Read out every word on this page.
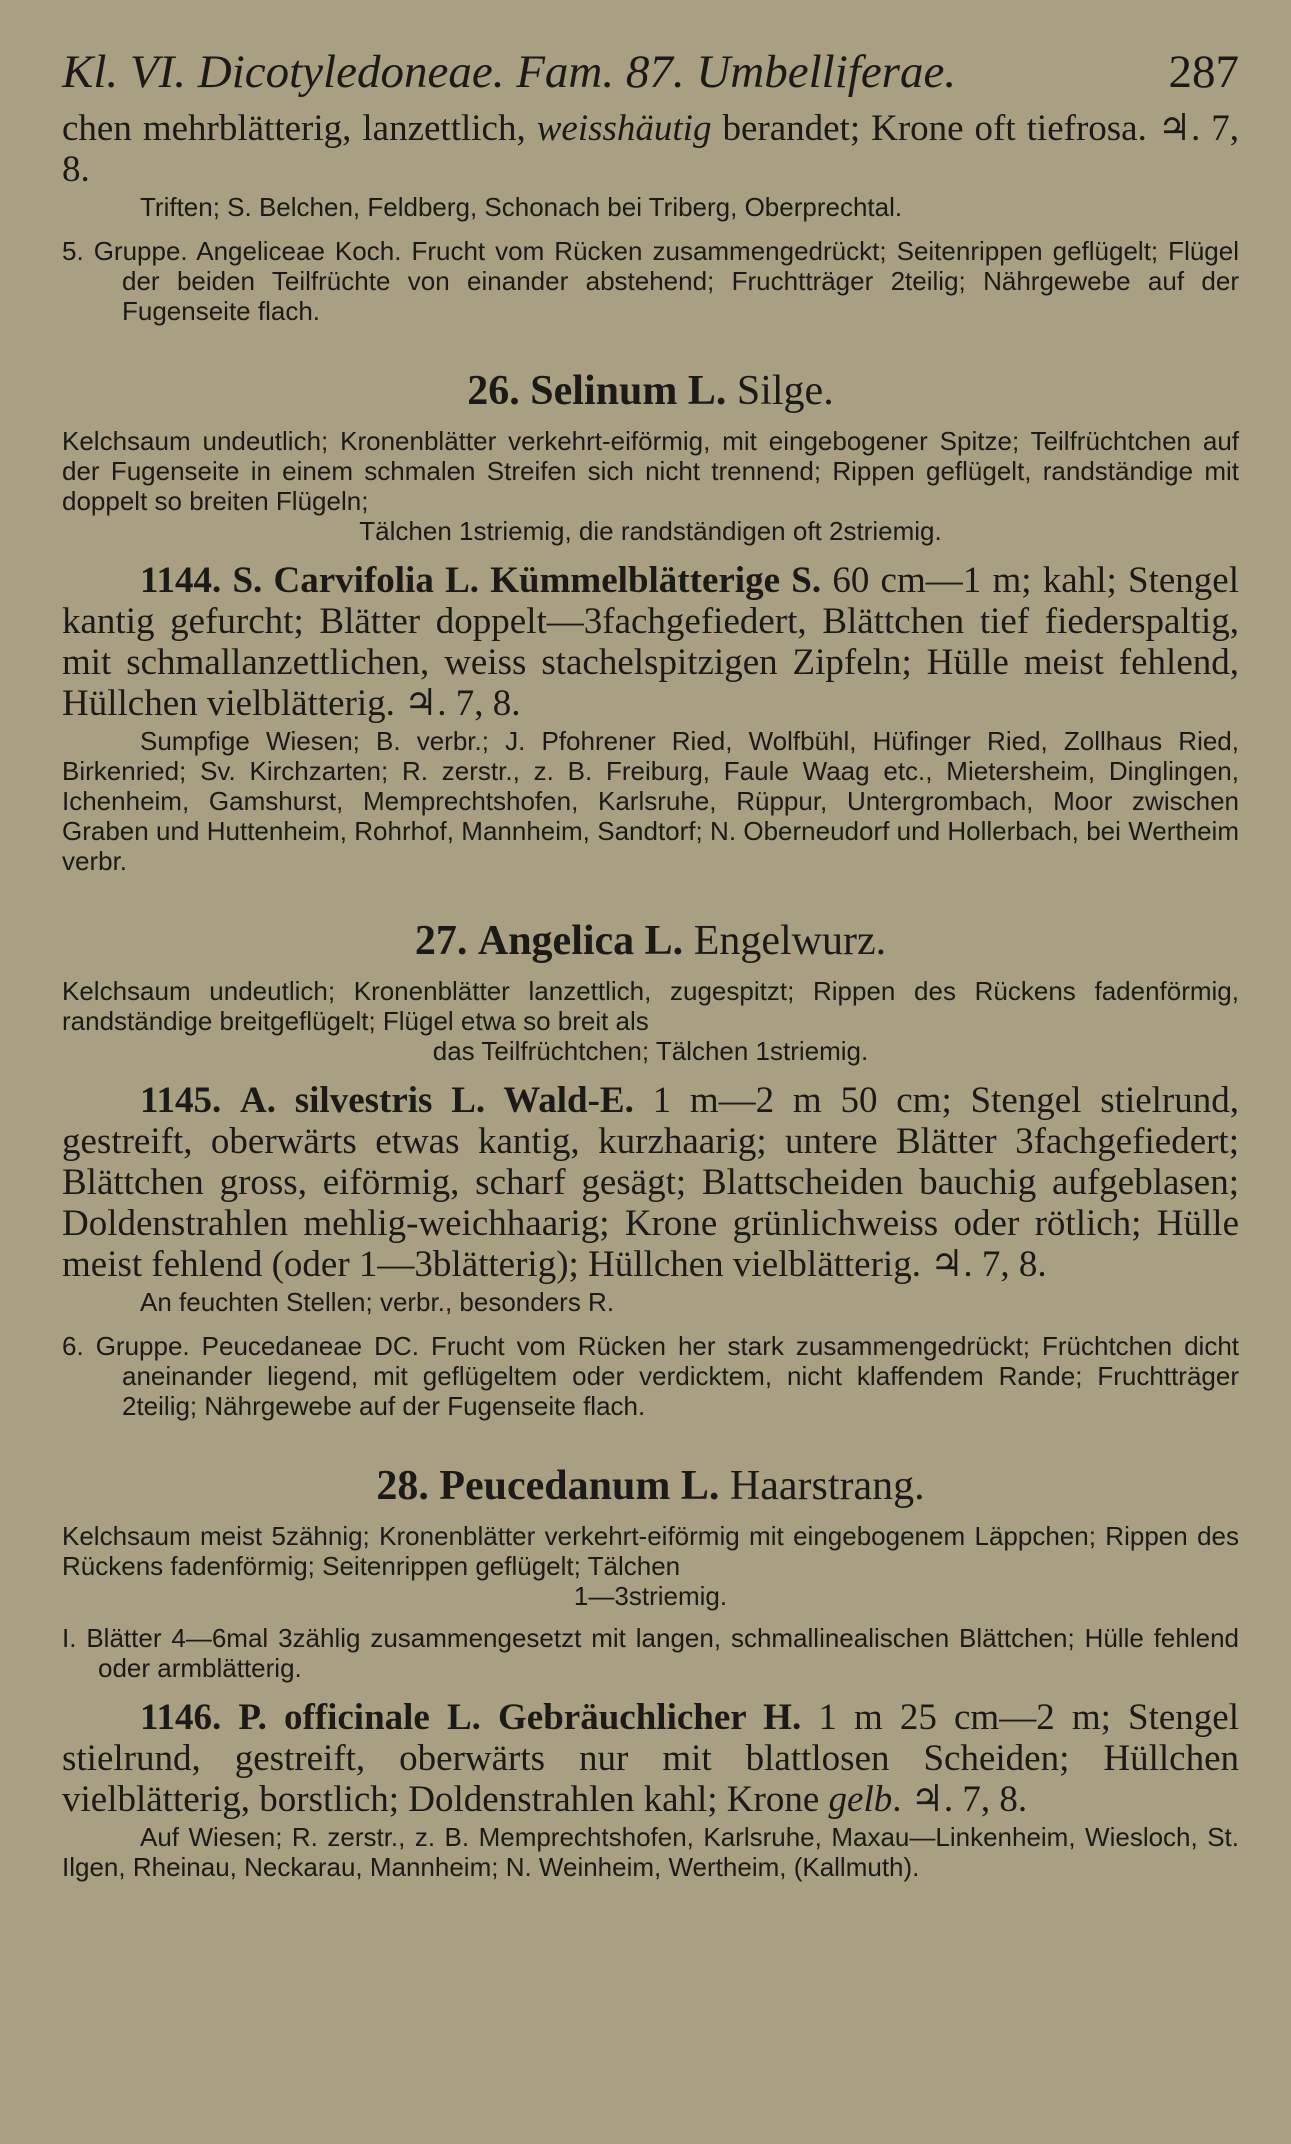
Kl. VI. Dicotyledoneae. Fam. 87. Umbelliferae.	287

chen mehrblätterig, lanzettlich, weisshäutig berandet; Krone oft tiefrosa. ♃. 7, 8.

Triften; S. Belchen, Feldberg, Schonach bei Triberg, Oberprechtal.

5. Gruppe. Angeliceae Koch. Frucht vom Rücken zusammengedrückt; Seitenrippen geflügelt; Flügel der beiden Teilfrüchte von einander abstehend; Fruchtträger 2teilig; Nährgewebe auf der Fugenseite flach.

26. Selinum L. Silge.

Kelchsaum undeutlich; Kronenblätter verkehrt-eiförmig, mit eingebogener Spitze; Teilfrüchtchen auf der Fugenseite in einem schmalen Streifen sich nicht trennend; Rippen geflügelt, randständige mit doppelt so breiten Flügeln;
Tälchen 1striemig, die randständigen oft 2striemig.

1144. S. Carvifolia L. Kümmelblätterige S. 60 cm—1 m; kahl; Stengel kantig gefurcht; Blätter doppelt—3fachgefiedert, Blättchen tief fiederspaltig, mit schmallanzettlichen, weiss stachelspitzigen Zipfeln; Hülle meist fehlend, Hüllchen vielblätterig. ♃. 7, 8.

Sumpfige Wiesen; B. verbr.; J. Pfohrener Ried, Wolfbühl, Hüfinger Ried, Zollhaus Ried, Birkenried; Sv. Kirchzarten; R. zerstr., z. B. Freiburg, Faule Waag etc., Mietersheim, Dinglingen, Ichenheim, Gamshurst, Memprechtshofen, Karlsruhe, Rüppur, Untergrombach, Moor zwischen Graben und Huttenheim, Rohrhof, Mannheim, Sandtorf; N. Oberneudorf und Hollerbach, bei Wertheim verbr.

27. Angelica L. Engelwurz.

Kelchsaum undeutlich; Kronenblätter lanzettlich, zugespitzt; Rippen des Rückens fadenförmig, randständige breitgeflügelt; Flügel etwa so breit als
das Teilfrüchtchen; Tälchen 1striemig.

1145. A. silvestris L. Wald-E. 1 m—2 m 50 cm; Stengel stielrund, gestreift, oberwärts etwas kantig, kurzhaarig; untere Blätter 3fachgefiedert; Blättchen gross, eiförmig, scharf gesägt; Blattscheiden bauchig aufgeblasen; Doldenstrahlen mehlig-weichhaarig; Krone grünlichweiss oder rötlich; Hülle meist fehlend (oder 1—3blätterig); Hüllchen vielblätterig. ♃. 7, 8.

An feuchten Stellen; verbr., besonders R.

6. Gruppe. Peucedaneae DC. Frucht vom Rücken her stark zusammengedrückt; Früchtchen dicht aneinander liegend, mit geflügeltem oder verdicktem, nicht klaffendem Rande; Fruchtträger 2teilig; Nährgewebe auf der Fugenseite flach.

28. Peucedanum L. Haarstrang.

Kelchsaum meist 5zähnig; Kronenblätter verkehrt-eiförmig mit eingebogenem Läppchen; Rippen des Rückens fadenförmig; Seitenrippen geflügelt; Tälchen
1—3striemig.

I. Blätter 4—6mal 3zählig zusammengesetzt mit langen, schmallinealischen Blättchen; Hülle fehlend oder armblätterig.

1146. P. officinale L. Gebräuchlicher H. 1 m 25 cm—2 m; Stengel stielrund, gestreift, oberwärts nur mit blattlosen Scheiden; Hüllchen vielblätterig, borstlich; Doldenstrahlen kahl; Krone gelb. ♃. 7, 8.

Auf Wiesen; R. zerstr., z. B. Memprechtshofen, Karlsruhe, Maxau—Linkenheim, Wiesloch, St. Ilgen, Rheinau, Neckarau, Mannheim; N. Weinheim, Wertheim, (Kallmuth).
